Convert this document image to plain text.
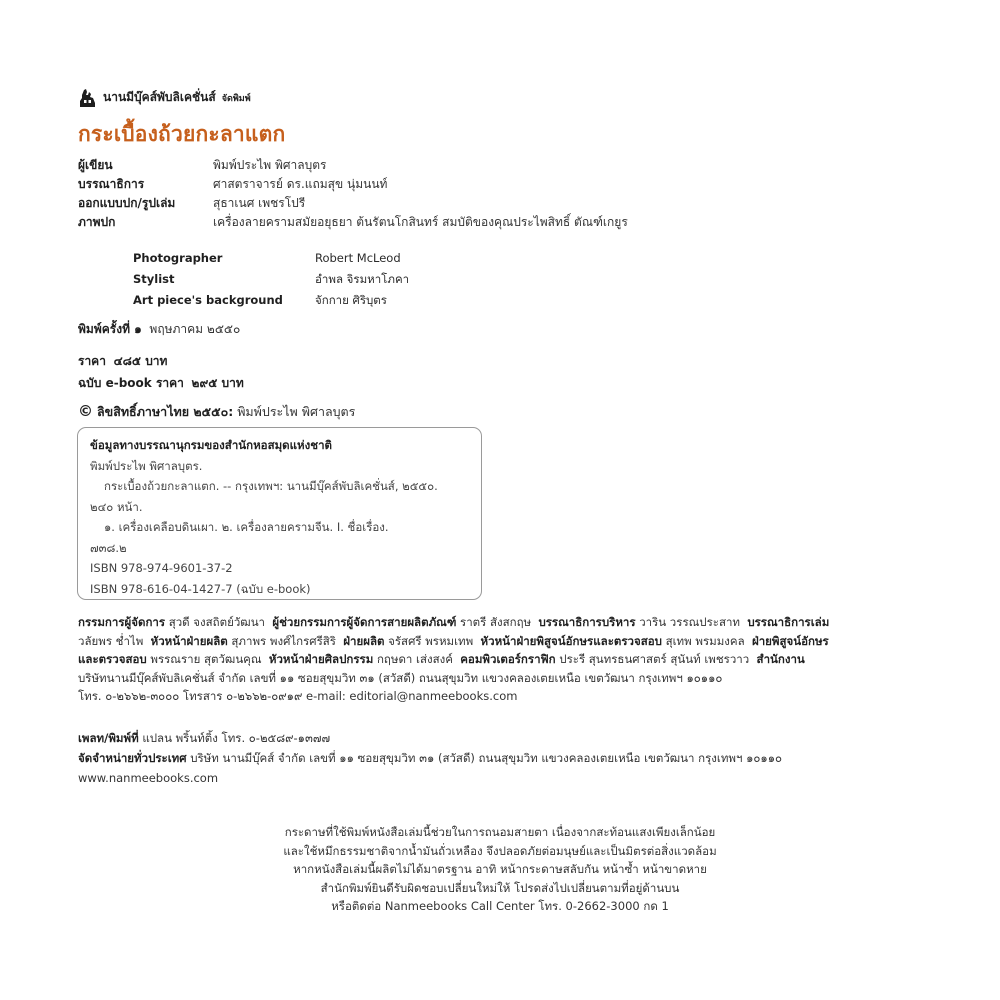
นานมีบุ๊คส์พับลิเคชั่นส์ จัดพิมพ์
กระเบื้องถ้วยกะลาแตก
ผู้เขียน	พิมพ์ประไพ พิศาลบุตร
บรรณาธิการ	ศาสตราจารย์ ดร.แถมสุข นุ่มนนท์
ออกแบบปก/รูปเล่ม	สุธาเนศ เพชรโปรี
ภาพปก	เครื่องลายครามสมัยอยุธยา ต้นรัตนโกสินทร์ สมบัติของคุณประไพสิทธิ์ ตัณฑ์เกยูร
Photographer	Robert McLeod
Stylist	อำพล จิรมหาโภคา
Art piece's background	จักกาย ศิริบุตร
พิมพ์ครั้งที่ ๑ พฤษภาคม ๒๕๕๐
ราคา ๔๘๕ บาท
ฉบับ e-book ราคา ๒๙๕ บาท
© ลิขสิทธิ์ภาษาไทย ๒๕๕๐: พิมพ์ประไพ พิศาลบุตร
ข้อมูลทางบรรณานุกรมของสำนักหอสมุดแห่งชาติ
พิมพ์ประไพ พิศาลบุตร.
กระเบื้องถ้วยกะลาแตก. -- กรุงเทพฯ: นานมีบุ๊คส์พับลิเคชั่นส์, ๒๕๕๐.
๒๔๐ หน้า.
๑. เครื่องเคลือบดินเผา. ๒. เครื่องลายครามจีน. I. ชื่อเรื่อง.
๗๓๘.๒
ISBN 978-974-9601-37-2
ISBN 978-616-04-1427-7 (ฉบับ e-book)
กรรมการผู้จัดการ สุวดี จงสถิตย์วัฒนา ผู้ช่วยกรรมการผู้จัดการสายผลิตภัณฑ์ ราตรี สังสกฤษ บรรณาธิการบริหาร วาริน วรรณประสาท บรรณาธิการเล่ม
วลัยพร ช่ำไพ หัวหน้าฝ่ายผลิต สุภาพร พงศ์ไกรศรีสิริ ฝ่ายผลิต จรัสศรี พรหมเทพ หัวหน้าฝ่ายพิสูจน์อักษรและตรวจสอบ สุเทพ พรมมงคล ฝ่ายพิสูจน์อักษร
และตรวจสอบ พรรณราย สุตวัฒนคุณ หัวหน้าฝ่ายศิลปกรรม กฤษดา เส่งสงค์ คอมพิวเตอร์กราฟิก ประรี สุนทรธนศาสตร์ สุนันท์ เพชรวาว สำนักงาน
บริษัทนานมีบุ๊คส์พับลิเคชั่นส์ จำกัด เลขที่ ๑๑ ซอยสุขุมวิท ๓๑ (สวัสดี) ถนนสุขุมวิท แขวงคลองเตยเหนือ เขตวัฒนา กรุงเทพฯ ๑๐๑๑๐
โทร. ๐-๒๖๖๒-๓๐๐๐ โทรสาร ๐-๒๖๖๒-๐๙๑๙ e-mail: editorial@nanmeebooks.com
เพลท/พิมพ์ที่ แปลน พริ้นท์ติ้ง โทร. ๐-๒๕๘๙-๑๓๗๗
จัดจำหน่ายทั่วประเทศ บริษัท นานมีบุ๊คส์ จำกัด เลขที่ ๑๑ ซอยสุขุมวิท ๓๑ (สวัสดี) ถนนสุขุมวิท แขวงคลองเตยเหนือ เขตวัฒนา กรุงเทพฯ ๑๐๑๑๐
www.nanmeebooks.com
กระดาษที่ใช้พิมพ์หนังสือเล่มนี้ช่วยในการถนอมสายตา เนื่องจากสะท้อนแสงเพียงเล็กน้อย
และใช้หมึกธรรมชาติจากน้ำมันถั่วเหลือง จึงปลอดภัยต่อมนุษย์และเป็นมิตรต่อสิ่งแวดล้อม
หากหนังสือเล่มนี้ผลิตไม่ได้มาตรฐาน อาทิ หน้ากระดาษสลับกัน หน้าซ้ำ หน้าขาดหาย
สำนักพิมพ์ยินดีรับผิดชอบเปลี่ยนใหม่ให้ โปรดส่งไปเปลี่ยนตามที่อยู่ด้านบน
หรือติดต่อ Nanmeebooks Call Center โทร. 0-2662-3000 กด 1
